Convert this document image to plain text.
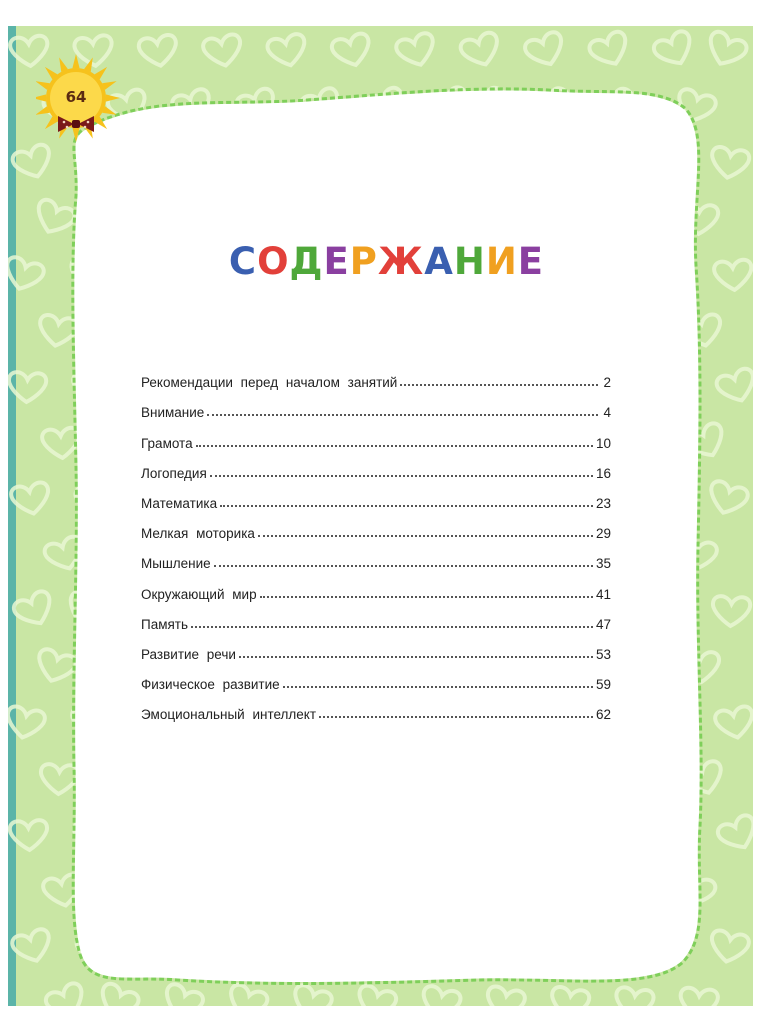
64
СОДЕРЖАНИЕ
Рекомендации перед началом занятий	2
Внимание	4
Грамота	10
Логопедия	16
Математика	23
Мелкая моторика	29
Мышление	35
Окружающий мир	41
Память	47
Развитие речи	53
Физическое развитие	59
Эмоциональный интеллект	62
